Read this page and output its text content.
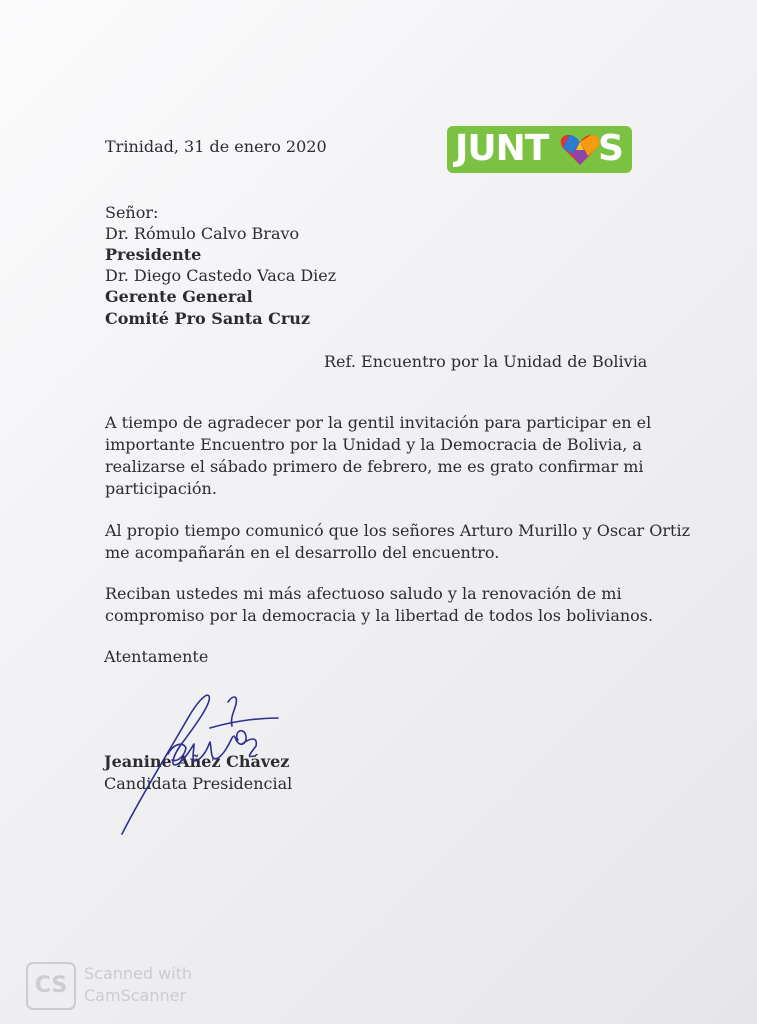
JUNT S
Trinidad, 31 de enero 2020
Señor:
Dr. Rómulo Calvo Bravo
Presidente
Dr. Diego Castedo Vaca Diez
Gerente General
Comité Pro Santa Cruz
Ref. Encuentro por la Unidad de Bolivia
A tiempo de agradecer por la gentil invitación para participar en el
importante Encuentro por la Unidad y la Democracia de Bolivia, a
realizarse el sábado primero de febrero, me es grato confirmar mi
participación.
Al propio tiempo comunicó que los señores Arturo Murillo y Oscar Ortiz
me acompañarán en el desarrollo del encuentro.
Reciban ustedes mi más afectuoso saludo y la renovación de mi
compromiso por la democracia y la libertad de todos los bolivianos.
Atentamente
Jeanine Añez Chávez
Candidata Presidencial
CS	Scanned with
CamScanner
